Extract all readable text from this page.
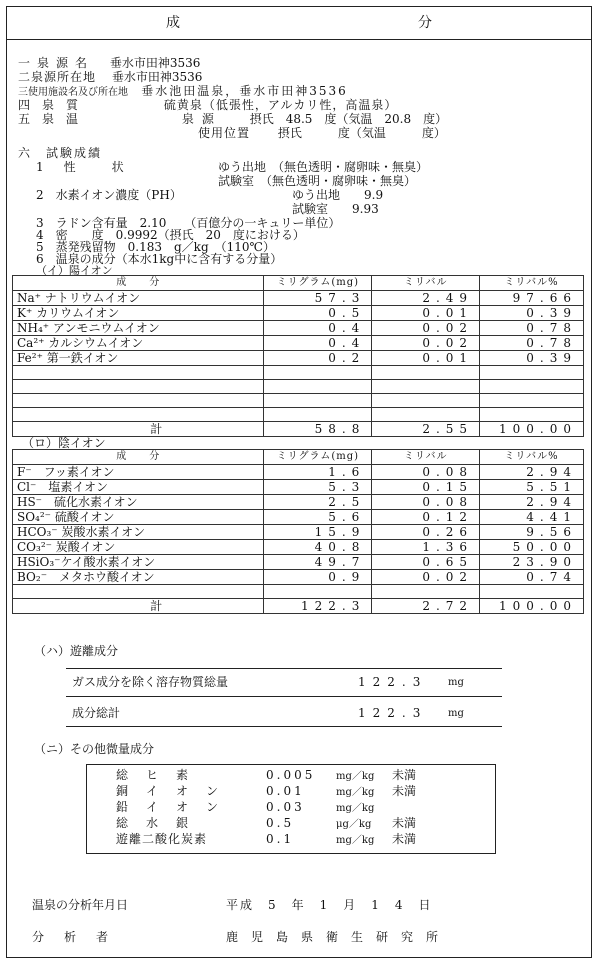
成　　分
一泉源名 垂水市田神3536
二泉源所在地 垂水市田神3536
三使用施設名及び所在地 垂水池田温泉，垂水市田神3536
四泉質	硫黄泉（低張性，アルカリ性，高温泉）
五泉温	泉源 摂氏　48.5　度（気温　20.8　度）
使用位置 摂氏　　　度（気温　　　度）
六　試験成績
1　性　　状	ゆう出地　（無色透明・腐卵味・無臭）
試験室　（無色透明・腐卵味・無臭）
2　水素イオン濃度（PH）	ゆう出地　　9.9
試験室　　9.93
3　ラドン含有量　2.10　　（百億分の一キュリー単位）
4　密　　度　0.9992（摂氏　20　度における）
5　蒸発残留物　0.183　g／kg　（110℃）
6　温泉の成分（本水1kg中に含有する分量）
（イ）陽イオン
成　　分	ミリグラム(mg)	ミリバル	ミリバル%
Na⁺ ナトリウムイオン	57.3	2.49	97.66
K⁺ カリウムイオン	0.5	0.01	0.39
NH₄⁺ アンモニウムイオン	0.4	0.02	0.78
Ca²⁺ カルシウムイオン	0.4	0.02	0.78
Fe²⁺ 第一鉄イオン	0.2	0.01	0.39

計	58.8	2.55	100.00
（ロ）陰イオン
成　　分	ミリグラム(mg)	ミリバル	ミリバル%
F⁻　フッ素イオン	1.6	0.08	2.94
Cl⁻　塩素イオン	5.3	0.15	5.51
HS⁻　硫化水素イオン	2.5	0.08	2.94
SO₄²⁻ 硫酸イオン	5.6	0.12	4.41
HCO₃⁻ 炭酸水素イオン	15.9	0.26	9.56
CO₃²⁻ 炭酸イオン	40.8	1.36	50.00
HSiO₃⁻ケイ酸水素イオン	49.7	0.65	23.90
BO₂⁻　メタホウ酸イオン	0.9	0.02	0.74

計	122.3	2.72	100.00
（ハ）遊離成分
ガス成分を除く溶存物質総量	122.3 mg
成分総計	122.3 mg
（ニ）その他微量成分
総　ヒ　素	0.005 mg／kg 未満
銅　イ　オ　ン	0.01	mg／kg 未満
鉛　イ　オ　ン	0.03	mg／kg
総　水　銀	0.5	μg／kg 未満
遊離二酸化炭素	0.1	mg／kg 未満
温泉の分析年月日	平成　5　年　1　月　1　4　日
分　析　者	鹿児島県衛生研究所
